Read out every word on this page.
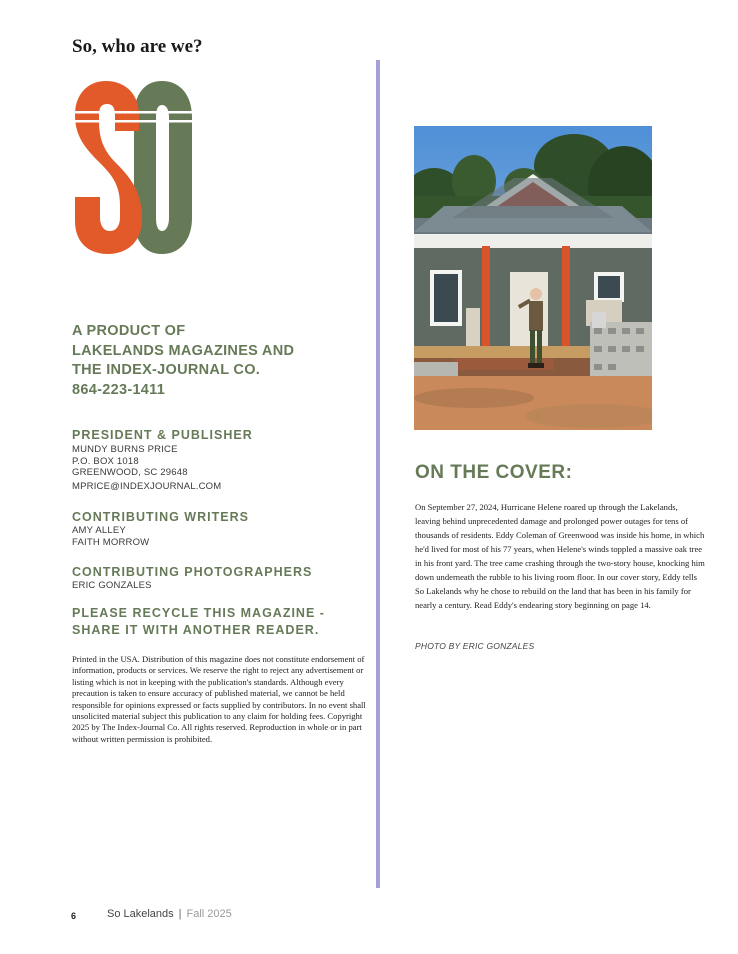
So, who are we?
A PRODUCT OF
LAKELANDS MAGAZINES AND
THE INDEX-JOURNAL CO.
864-223-1411
PRESIDENT & PUBLISHER
MUNDY BURNS PRICE
P.O. BOX 1018
GREENWOOD, SC 29648
MPRICE@INDEXJOURNAL.COM
CONTRIBUTING WRITERS
AMY ALLEY
FAITH MORROW
CONTRIBUTING PHOTOGRAPHERS
ERIC GONZALES
PLEASE RECYCLE THIS MAGAZINE -
SHARE IT WITH ANOTHER READER.

Printed in the USA. Distribution of this magazine does not constitute endorsement of information, products or services. We reserve the right to reject any advertisement or listing which is not in keeping with the publication's standards. Although every precaution is taken to ensure accuracy of published material, we cannot be held responsible for opinions expressed or facts supplied by contributors. In no event shall unsolicited material subject this publication to any claim for holding fees. Copyright 2025 by The Index-Journal Co. All rights reserved. Reproduction in whole or in part without written permission is prohibited.

ON THE COVER:

On September 27, 2024, Hurricane Helene roared up through the Lakelands, leaving behind unprecedented damage and prolonged power outages for tens of thousands of residents. Eddy Coleman of Greenwood was inside his home, in which he'd lived for most of his 77 years, when Helene's winds toppled a massive oak tree in his front yard. The tree came crashing through the two-story house, knocking him down underneath the rubble to his living room floor. In our cover story, Eddy tells So Lakelands why he chose to rebuild on the land that has been in his family for nearly a century. Read Eddy's endearing story beginning on page 14.

PHOTO BY ERIC GONZALES

6	So Lakelands | Fall 2025
